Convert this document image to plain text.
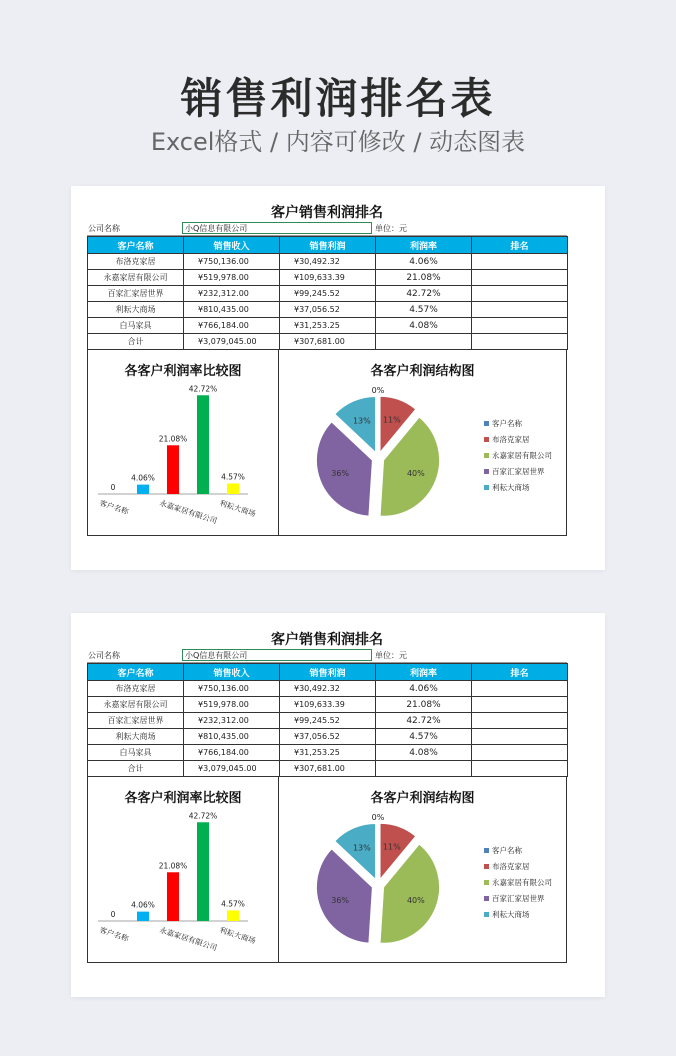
销售利润排名表
Excel格式 / 内容可修改 / 动态图表
客户销售利润排名
公司名称	小Q信息有限公司	单位：元
客户名称	销售收入	销售利润	利润率	排名
布洛克家居	¥750,136.00	¥30,492.32	4.06%	
永嘉家居有限公司	¥519,978.00	¥109,633.39	21.08%	
百家汇家居世界	¥232,312.00	¥99,245.52	42.72%	
利耘大商场	¥810,435.00	¥37,056.52	4.57%	
白马家具	¥766,184.00	¥31,253.25	4.08%	
合计	¥3,079,045.00	¥307,681.00		
各客户利润率比较图
0
4.06%
21.08%
42.72%
4.57%
客户名称	永嘉家居有限公司 利耘大商场
各客户利润结构图
0%
11%
40%
36%
13%	客户名称
布洛克家居
永嘉家居有限公司
百家汇家居世界
利耘大商场
客户销售利润排名
公司名称	小Q信息有限公司	单位：元
客户名称	销售收入	销售利润	利润率	排名
布洛克家居	¥750,136.00	¥30,492.32	4.06%	
永嘉家居有限公司	¥519,978.00	¥109,633.39	21.08%	
百家汇家居世界	¥232,312.00	¥99,245.52	42.72%	
利耘大商场	¥810,435.00	¥37,056.52	4.57%	
白马家具	¥766,184.00	¥31,253.25	4.08%	
合计	¥3,079,045.00	¥307,681.00		
各客户利润率比较图
0
4.06%
21.08%
42.72%
4.57%
客户名称	永嘉家居有限公司 利耘大商场
各客户利润结构图
0%
11%
40%
36%
13%	客户名称
布洛克家居
永嘉家居有限公司
百家汇家居世界
利耘大商场
